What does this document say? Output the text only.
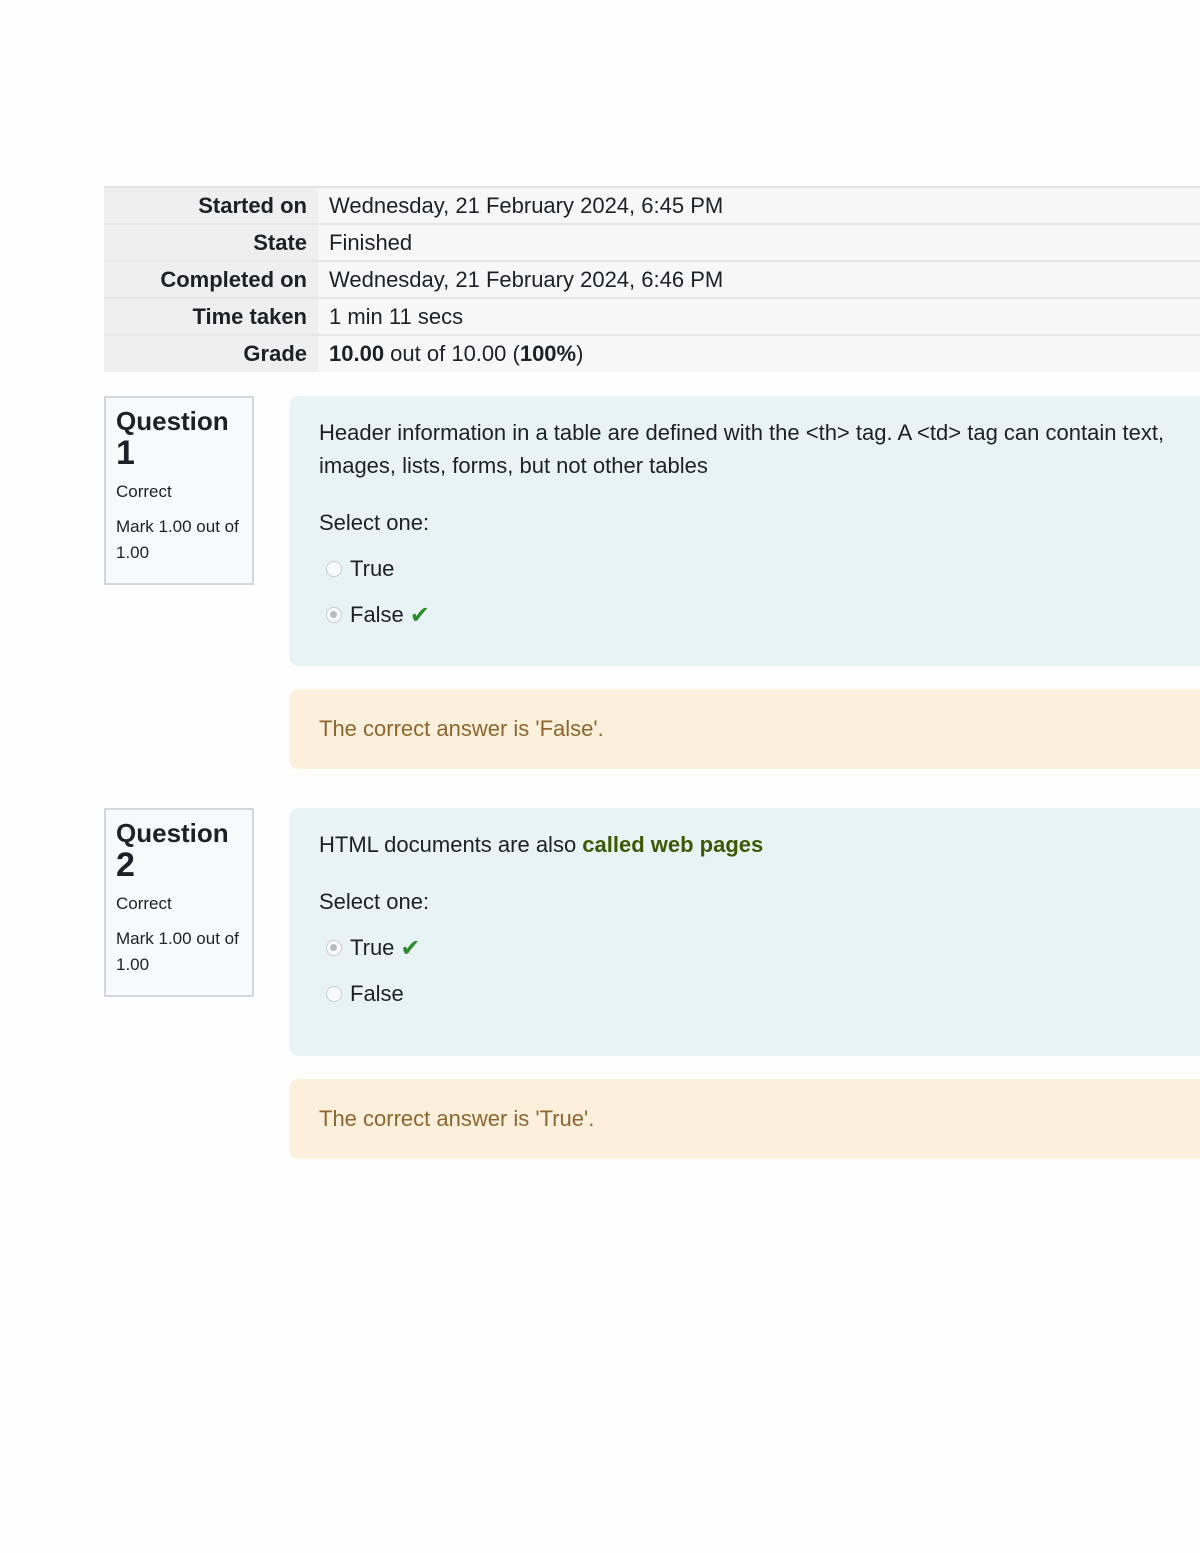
Started on	Wednesday, 21 February 2024, 6:45 PM
State	Finished
Completed on	Wednesday, 21 February 2024, 6:46 PM
Time taken	1 min 11 secs
Grade	10.00 out of 10.00 (100%)
Question
1
Correct
Mark 1.00 out of 1.00
Header information in a table are defined with the <th> tag. A <td> tag can contain text,
images, lists, forms, but not other tables
Select one:
True
False ✔
The correct answer is 'False'.
Question
2
Correct
Mark 1.00 out of 1.00
HTML documents are also called web pages
Select one:
True ✔
False
The correct answer is 'True'.
